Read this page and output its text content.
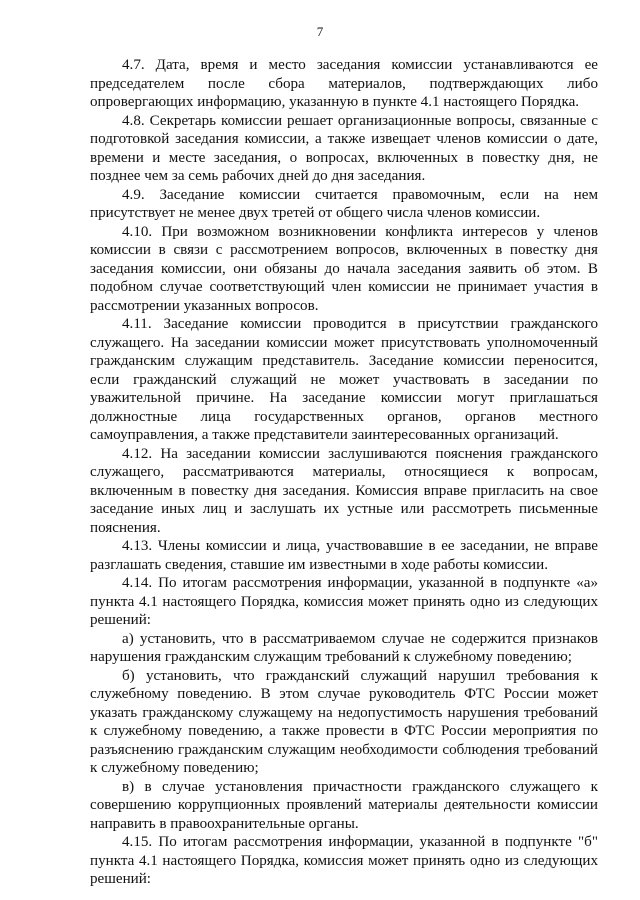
7

4.7. Дата, время и место заседания комиссии устанавливаются ее председателем после сбора материалов, подтверждающих либо опровергающих информацию, указанную в пункте 4.1 настоящего Порядка.

4.8. Секретарь комиссии решает организационные вопросы, связанные с подготовкой заседания комиссии, а также извещает членов комиссии о дате, времени и месте заседания, о вопросах, включенных в повестку дня, не позднее чем за семь рабочих дней до дня заседания.

4.9. Заседание комиссии считается правомочным, если на нем присутствует не менее двух третей от общего числа членов комиссии.

4.10. При возможном возникновении конфликта интересов у членов комиссии в связи с рассмотрением вопросов, включенных в повестку дня заседания комиссии, они обязаны до начала заседания заявить об этом. В подобном случае соответствующий член комиссии не принимает участия в рассмотрении указанных вопросов.

4.11. Заседание комиссии проводится в присутствии гражданского служащего. На заседании комиссии может присутствовать уполномоченный гражданским служащим представитель. Заседание комиссии переносится, если гражданский служащий не может участвовать в заседании по уважительной причине. На заседание комиссии могут приглашаться должностные лица государственных органов, органов местного самоуправления, а также представители заинтересованных организаций.

4.12. На заседании комиссии заслушиваются пояснения гражданского служащего, рассматриваются материалы, относящиеся к вопросам, включенным в повестку дня заседания. Комиссия вправе пригласить на свое заседание иных лиц и заслушать их устные или рассмотреть письменные пояснения.

4.13. Члены комиссии и лица, участвовавшие в ее заседании, не вправе разглашать сведения, ставшие им известными в ходе работы комиссии.

4.14. По итогам рассмотрения информации, указанной в подпункте «а» пункта 4.1 настоящего Порядка, комиссия может принять одно из следующих решений:

а) установить, что в рассматриваемом случае не содержится признаков нарушения гражданским служащим требований к служебному поведению;

б) установить, что гражданский служащий нарушил требования к служебному поведению. В этом случае руководитель ФТС России может указать гражданскому служащему на недопустимость нарушения требований к служебному поведению, а также провести в ФТС России мероприятия по разъяснению гражданским служащим необходимости соблюдения требований к служебному поведению;

в) в случае установления причастности гражданского служащего к совершению коррупционных проявлений материалы деятельности комиссии направить в правоохранительные органы.

4.15. По итогам рассмотрения информации, указанной в подпункте "б" пункта 4.1 настоящего Порядка, комиссия может принять одно из следующих решений:
